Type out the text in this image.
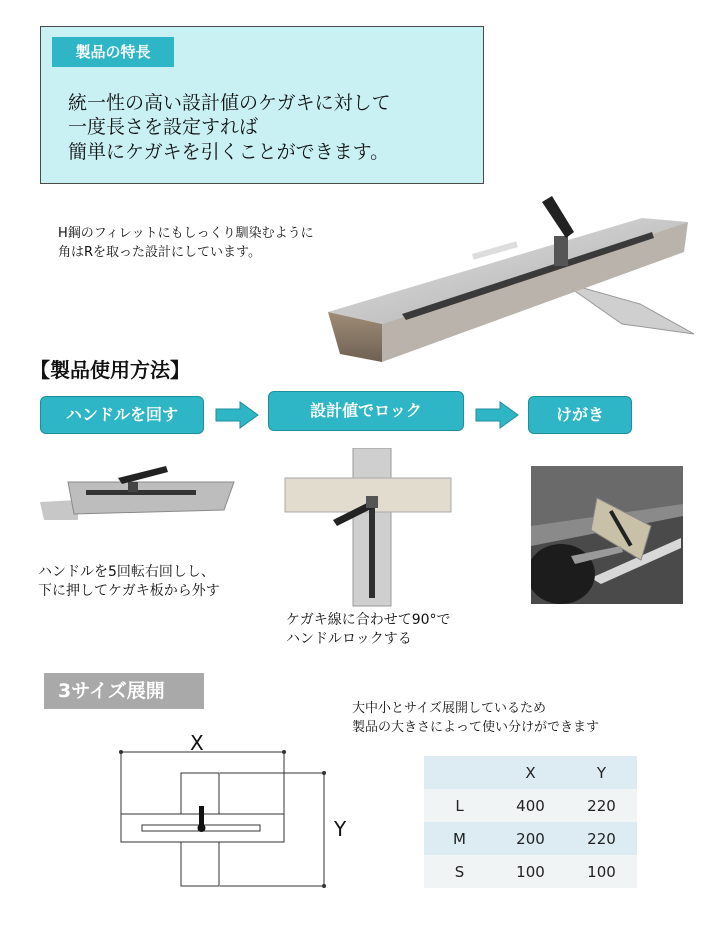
製品の特長
統一性の高い設計値のケガキに対して
一度長さを設定すれば
簡単にケガキを引くことができます。
H鋼のフィレットにもしっくり馴染むように
角はRを取った設計にしています。
【製品使用方法】
ハンドルを回す	設計値でロック	けがき
ハンドルを5回転右回しし、
下に押してケガキ板から外す
ケガキ線に合わせて90°で
ハンドルロックする
3サイズ展開
大中小とサイズ展開しているため
製品の大きさによって使い分けができます
X
Y
	X	Y
L	400	220
M	200	220
S	100	100
